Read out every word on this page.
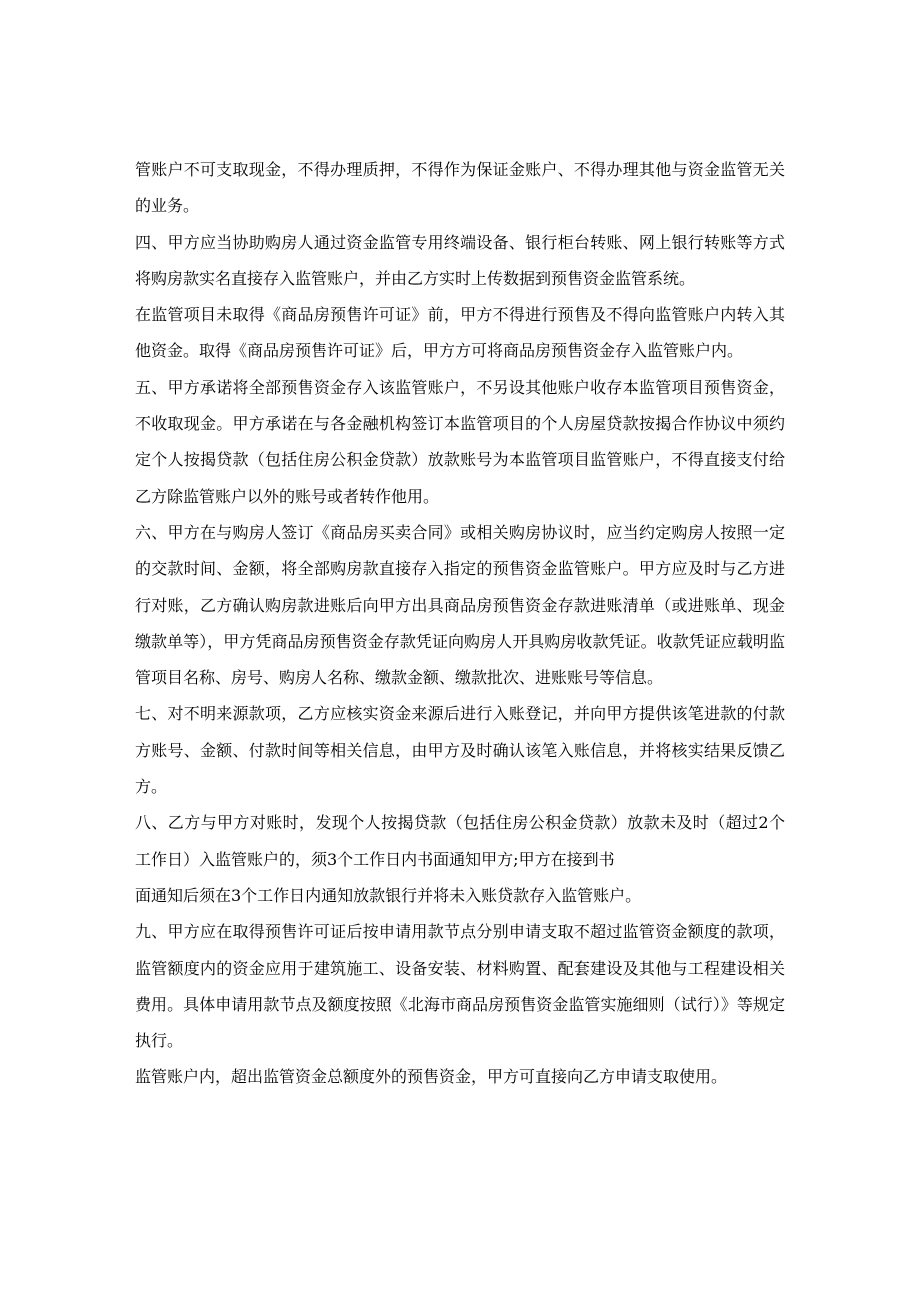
管账户不可支取现金，不得办理质押，不得作为保证金账户、不得办理其他与资金监管无关的业务。

四、甲方应当协助购房人通过资金监管专用终端设备、银行柜台转账、网上银行转账等方式将购房款实名直接存入监管账户，并由乙方实时上传数据到预售资金监管系统。

在监管项目未取得《商品房预售许可证》前，甲方不得进行预售及不得向监管账户内转入其他资金。取得《商品房预售许可证》后，甲方方可将商品房预售资金存入监管账户内。

五、甲方承诺将全部预售资金存入该监管账户，不另设其他账户收存本监管项目预售资金，不收取现金。甲方承诺在与各金融机构签订本监管项目的个人房屋贷款按揭合作协议中须约定个人按揭贷款（包括住房公积金贷款）放款账号为本监管项目监管账户，不得直接支付给乙方除监管账户以外的账号或者转作他用。

六、甲方在与购房人签订《商品房买卖合同》或相关购房协议时，应当约定购房人按照一定的交款时间、金额，将全部购房款直接存入指定的预售资金监管账户。甲方应及时与乙方进行对账，乙方确认购房款进账后向甲方出具商品房预售资金存款进账清单（或进账单、现金缴款单等），甲方凭商品房预售资金存款凭证向购房人开具购房收款凭证。收款凭证应载明监管项目名称、房号、购房人名称、缴款金额、缴款批次、进账账号等信息。

七、对不明来源款项，乙方应核实资金来源后进行入账登记，并向甲方提供该笔进款的付款方账号、金额、付款时间等相关信息，由甲方及时确认该笔入账信息，并将核实结果反馈乙方。

八、乙方与甲方对账时，发现个人按揭贷款（包括住房公积金贷款）放款未及时（超过2个工作日）入监管账户的，须3个工作日内书面通知甲方;甲方在接到书

面通知后须在3个工作日内通知放款银行并将未入账贷款存入监管账户。

九、甲方应在取得预售许可证后按申请用款节点分别申请支取不超过监管资金额度的款项，监管额度内的资金应用于建筑施工、设备安装、材料购置、配套建设及其他与工程建设相关费用。具体申请用款节点及额度按照《北海市商品房预售资金监管实施细则（试行）》等规定执行。

监管账户内，超出监管资金总额度外的预售资金，甲方可直接向乙方申请支取使用。
